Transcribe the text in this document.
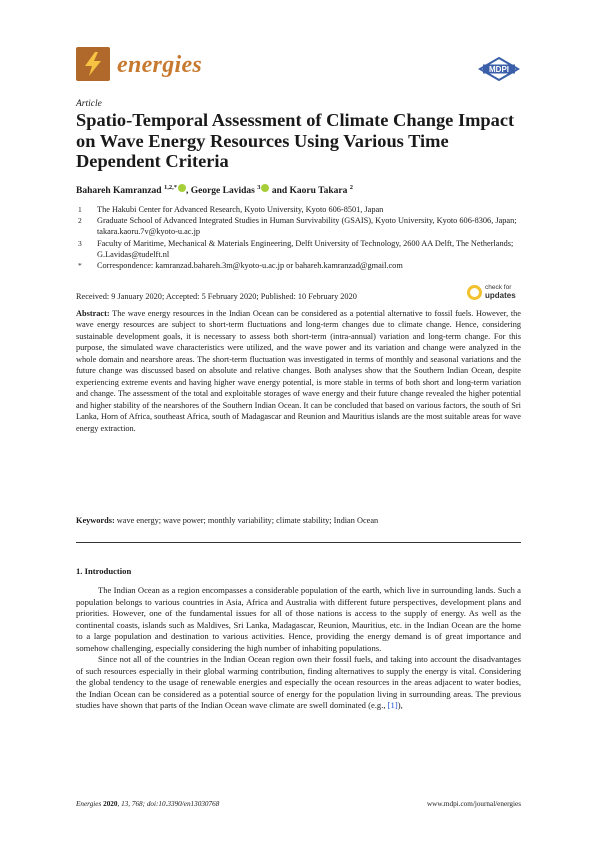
energies	MDPI
Article
Spatio-Temporal Assessment of Climate Change Impact on Wave Energy Resources Using Various Time Dependent Criteria
Bahareh Kamranzad $^{1,2,*}$ , George Lavidas $^3$ and Kaoru Takara $^2$
1	The Hakubi Center for Advanced Research, Kyoto University, Kyoto 606-8501, Japan
2	Graduate School of Advanced Integrated Studies in Human Survivability (GSAIS), Kyoto University, Kyoto 606-8306, Japan; takara.kaoru.7v@kyoto-u.ac.jp
3	Faculty of Maritime, Mechanical & Materials Engineering, Delft University of Technology, 2600 AA Delft, The Netherlands; G.Lavidas@tudelft.nl
*	Correspondence: kamranzad.bahareh.3m@kyoto-u.ac.jp or bahareh.kamranzad@gmail.com
check for
updates
Received: 9 January 2020; Accepted: 5 February 2020; Published: 10 February 2020
Abstract: The wave energy resources in the Indian Ocean can be considered as a potential alternative to fossil fuels. However, the wave energy resources are subject to short-term fluctuations and long-term changes due to climate change. Hence, considering sustainable development goals, it is necessary to assess both short-term (intra-annual) variation and long-term change. For this purpose, the simulated wave characteristics were utilized, and the wave power and its variation and change were analyzed in the whole domain and nearshore areas. The short-term fluctuation was investigated in terms of monthly and seasonal variations and the future change was discussed based on absolute and relative changes. Both analyses show that the Southern Indian Ocean, despite experiencing extreme events and having higher wave energy potential, is more stable in terms of both short and long-term variation and change. The assessment of the total and exploitable storages of wave energy and their future change revealed the higher potential and higher stability of the nearshores of the Southern Indian Ocean. It can be concluded that based on various factors, the south of Sri Lanka, Horn of Africa, southeast Africa, south of Madagascar and Reunion and Mauritius islands are the most suitable areas for wave energy extraction.
Keywords: wave energy; wave power; monthly variability; climate stability; Indian Ocean
1. Introduction

The Indian Ocean as a region encompasses a considerable population of the earth, which live in surrounding lands. Such a population belongs to various countries in Asia, Africa and Australia with different future perspectives, development plans and priorities. However, one of the fundamental issues for all of those nations is access to the supply of energy. As well as the continental coasts, islands such as Maldives, Sri Lanka, Madagascar, Reunion, Mauritius, etc. in the Indian Ocean are the home to a large population and destination to various activities. Hence, providing the energy demand is of great importance and somehow challenging, especially considering the high number of inhabiting populations.

Since not all of the countries in the Indian Ocean region own their fossil fuels, and taking into account the disadvantages of such resources especially in their global warming contribution, finding alternatives to supply the energy is vital. Considering the global tendency to the usage of renewable energies and especially the ocean resources in the areas adjacent to water bodies, the Indian Ocean can be considered as a potential source of energy for the population living in surrounding areas. The previous studies have shown that parts of the Indian Ocean wave climate are swell dominated (e.g., [1]),

Energies 2020, 13, 768; doi:10.3390/en13030768	www.mdpi.com/journal/energies
